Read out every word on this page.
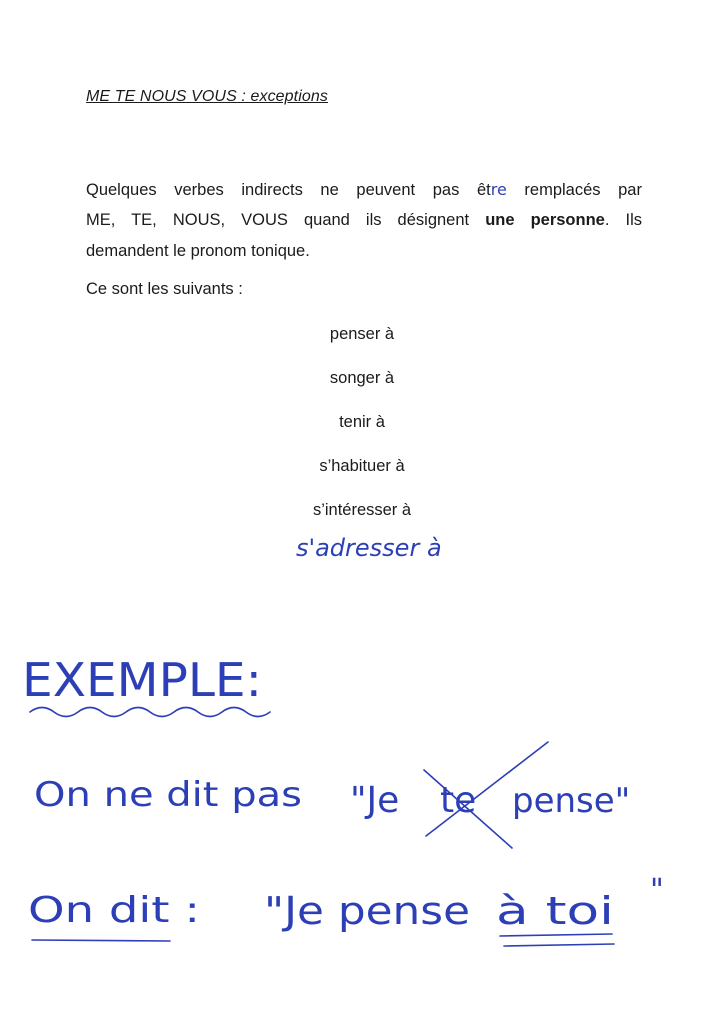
ME TE NOUS VOUS : exceptions
Quelques verbes indirects ne peuvent pas être remplacés par
ME, TE, NOUS, VOUS quand ils désignent une personne. Ils
demandent le pronom tonique.
Ce sont les suivants :
penser à
songer à
tenir à
s’habituer à
s’intéresser à
s'adresser à
EXEMPLE:
On ne dit pas "Je te pense"
On dit : "Je pense à toi "
